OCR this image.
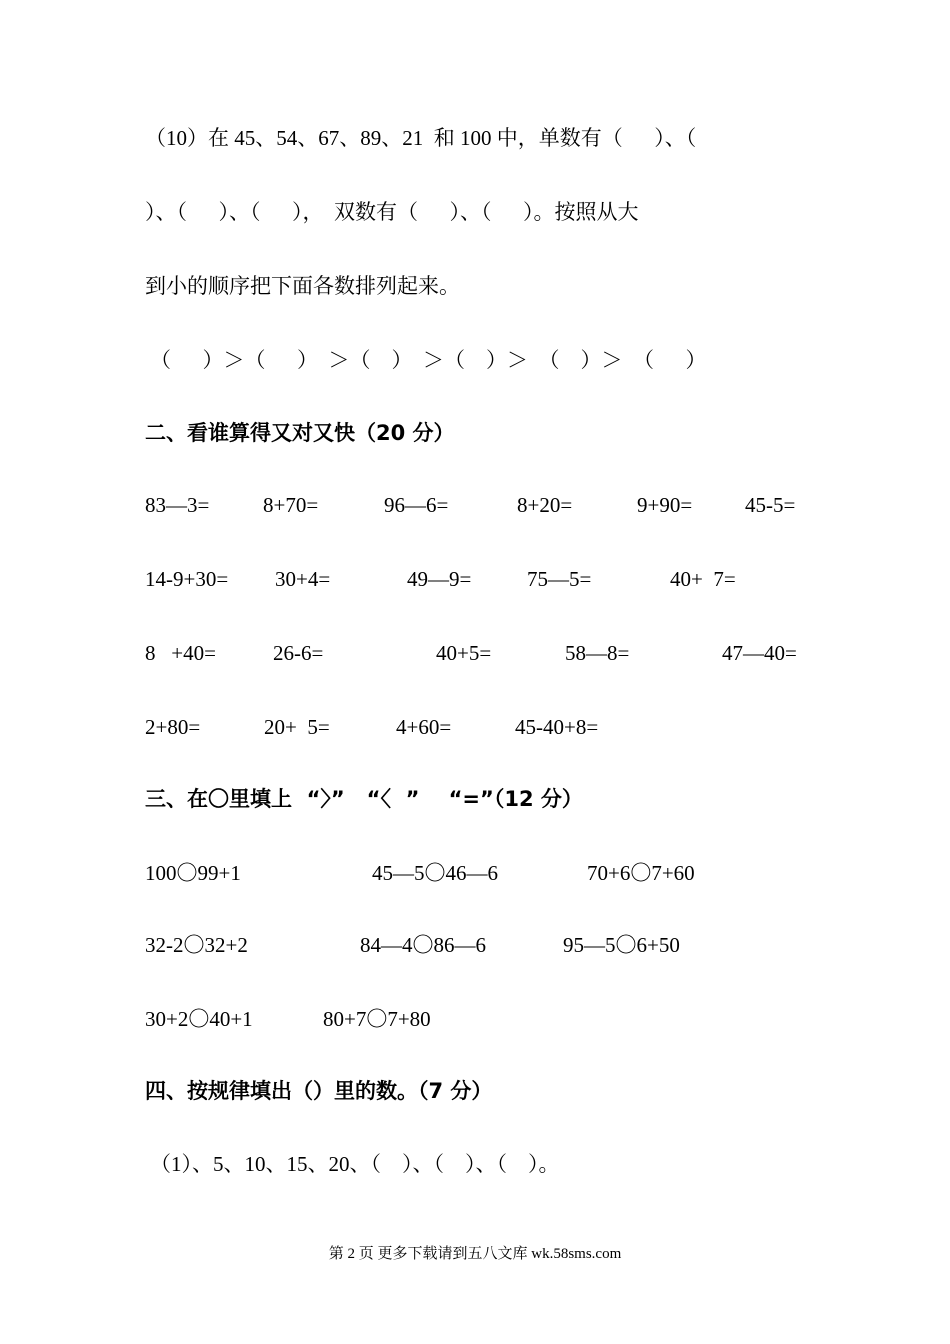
（10）在 45、54、67、89、21  和 100 中，单数有（      ）、（
）、（      ）、（      ），  双数有（      ）、（      ）。按照从大
到小的顺序把下面各数排列起来。
（      ）＞（      ）  ＞（    ）  ＞（    ）＞  （    ）＞  （      ）
二、看谁算得又对又快（20 分）
83—3=	8+70=	96—6=	8+20=	9+90=	45-5=
14-9+30= 30+4=	49—9=	75—5=	40+  7=
8   +40=	26-6=	40+5=	58—8=	47—40=
2+80=	20+  5=	4+60=	45-40+8=
三、在〇里填上  “〉”   “〈  ”    “=”（12 分）
100〇99+1	45—5〇46—6	70+6〇7+60
32-2〇32+2	84—4〇86—6	95—5〇6+50
30+2〇40+1	80+7〇7+80
四、按规律填出（）里的数。（7 分）
（1）、5、10、15、20、（    ）、（    ）、（    ）。
第 2 页 更多下载请到五八文库 wk.58sms.com
